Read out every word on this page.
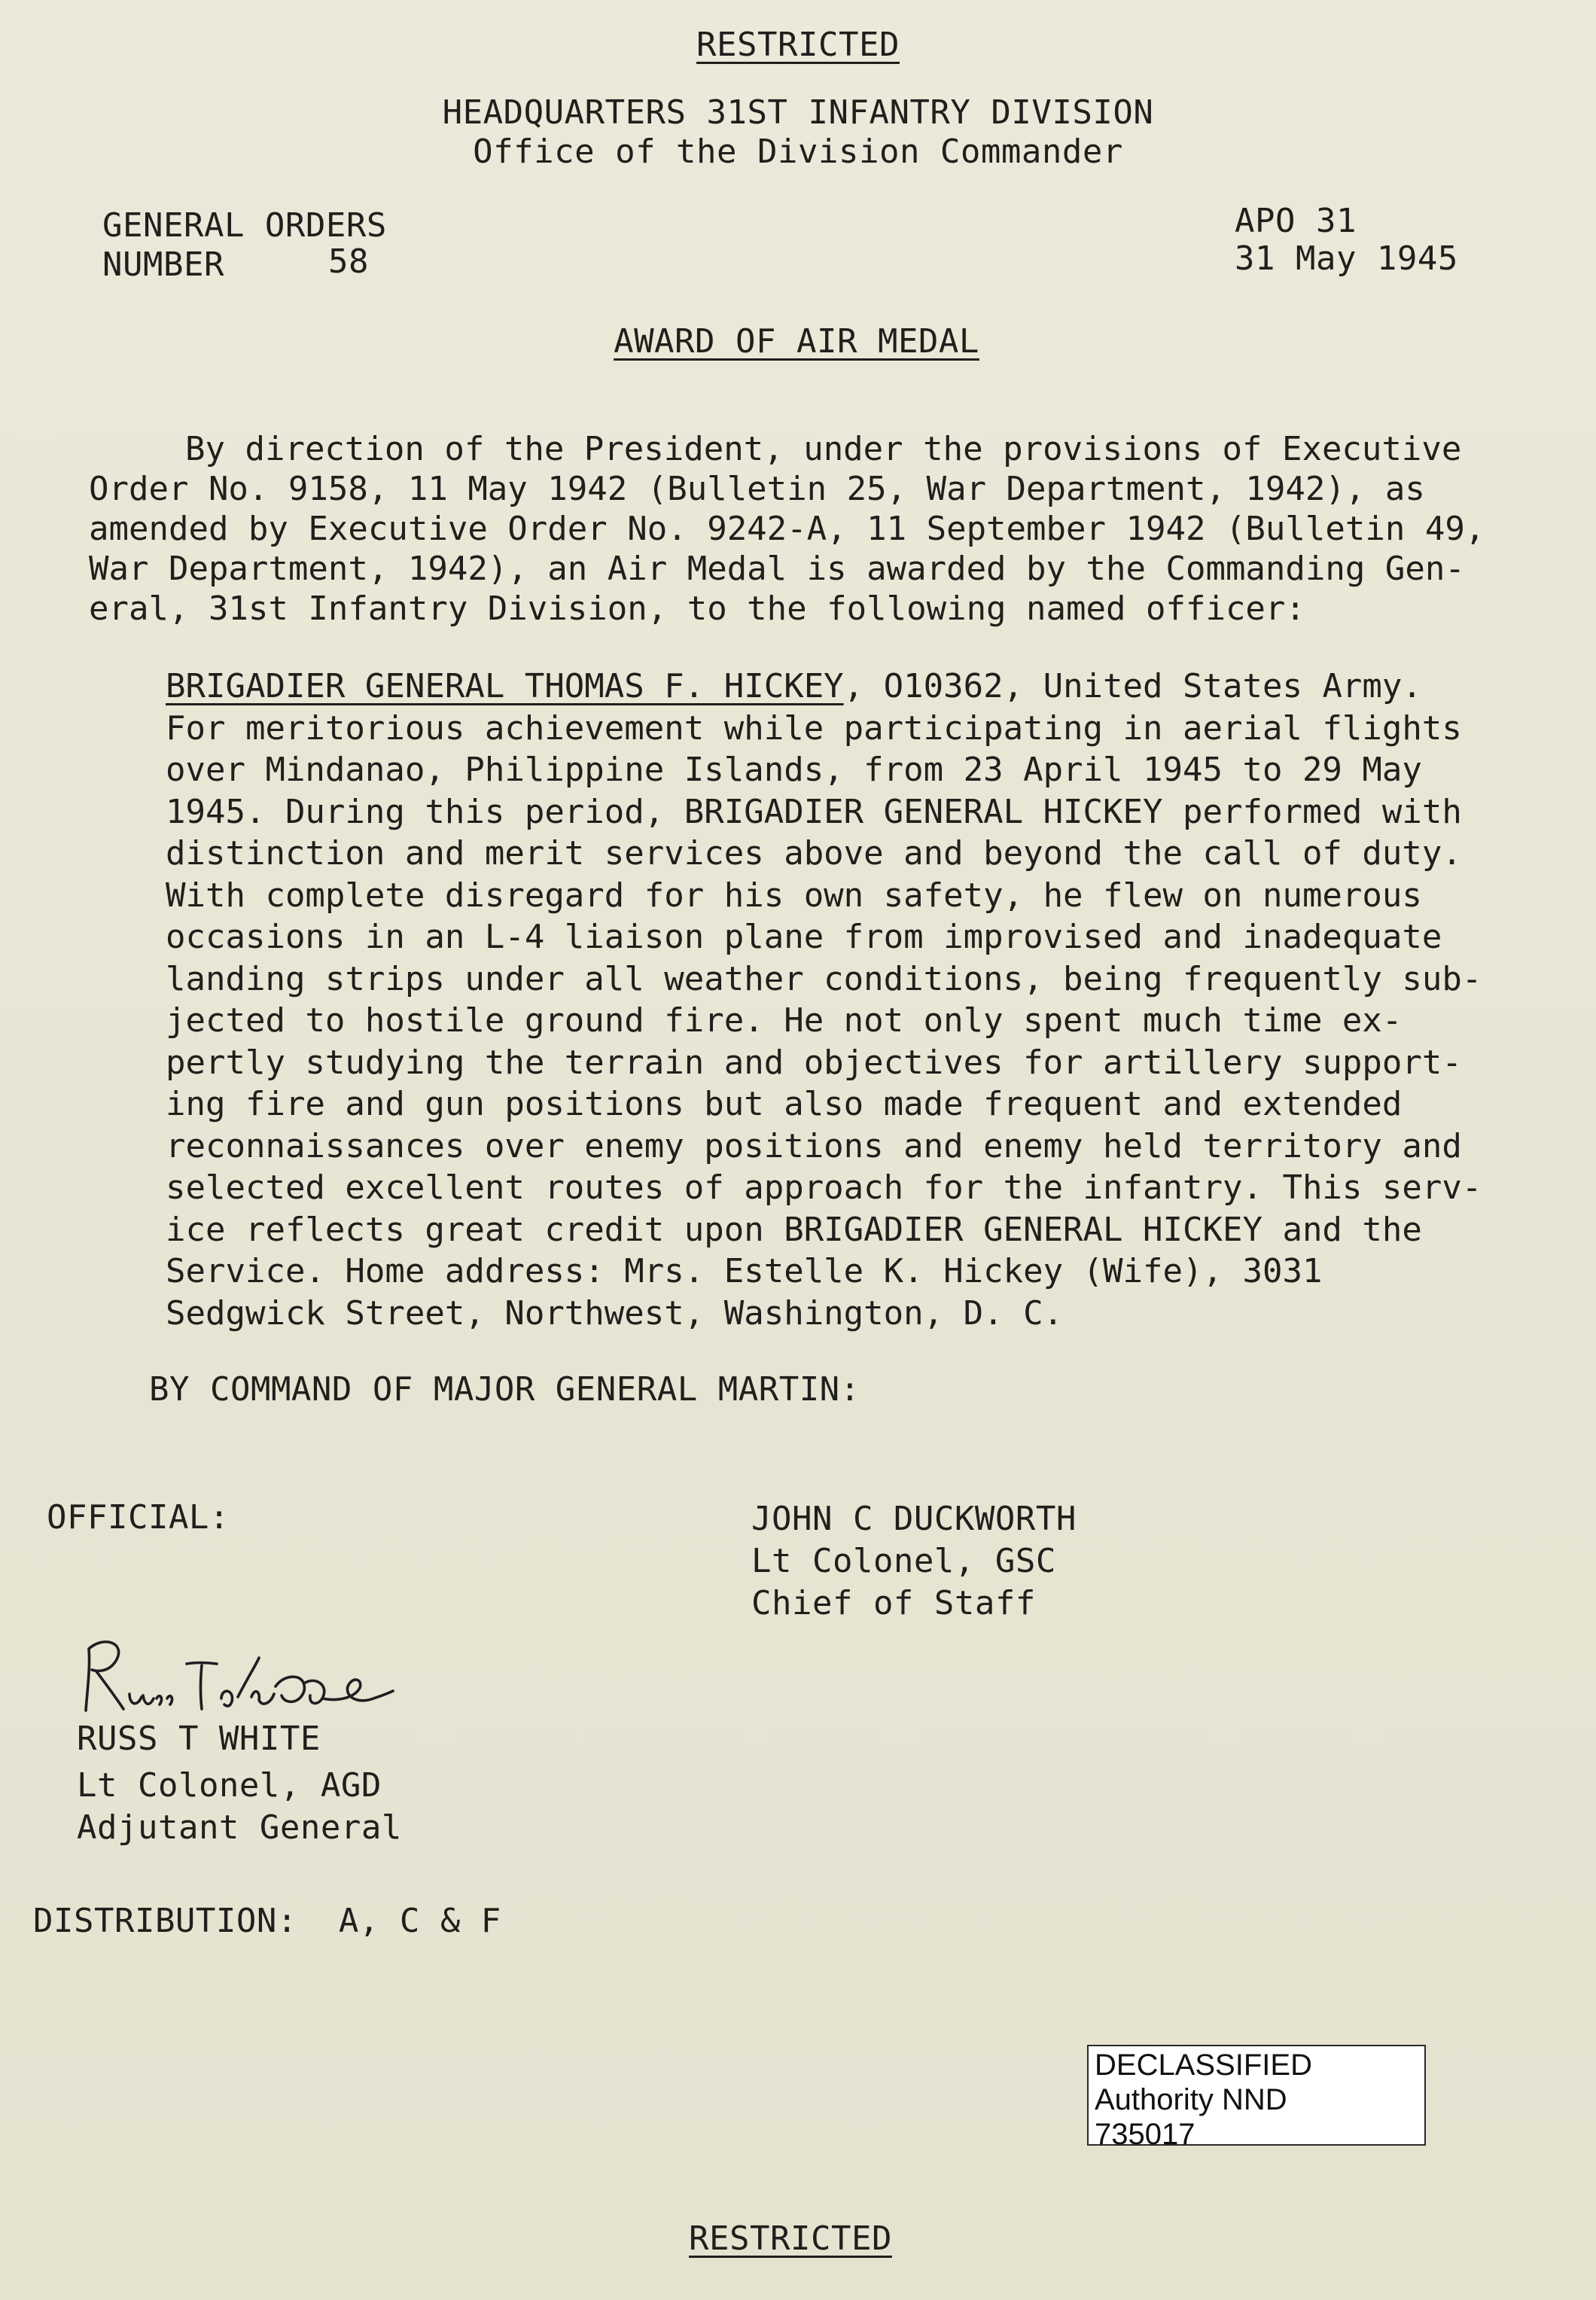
RESTRICTED
HEADQUARTERS 31ST INFANTRY DIVISION
Office of the Division Commander
GENERAL ORDERS
NUMBER	58
APO 31
31 May 1945
AWARD OF AIR MEDAL
By direction of the President, under the provisions of Executive
Order No. 9158, 11 May 1942 (Bulletin 25, War Department, 1942), as
amended by Executive Order No. 9242-A, 11 September 1942 (Bulletin 49,
War Department, 1942), an Air Medal is awarded by the Commanding Gen-
eral, 31st Infantry Division, to the following named officer:
BRIGADIER GENERAL THOMAS F. HICKEY, O10362, United States Army.
For meritorious achievement while participating in aerial flights
over Mindanao, Philippine Islands, from 23 April 1945 to 29 May
1945. During this period, BRIGADIER GENERAL HICKEY performed with
distinction and merit services above and beyond the call of duty.
With complete disregard for his own safety, he flew on numerous
occasions in an L-4 liaison plane from improvised and inadequate
landing strips under all weather conditions, being frequently sub-
jected to hostile ground fire. He not only spent much time ex-
pertly studying the terrain and objectives for artillery support-
ing fire and gun positions but also made frequent and extended
reconnaissances over enemy positions and enemy held territory and
selected excellent routes of approach for the infantry. This serv-
ice reflects great credit upon BRIGADIER GENERAL HICKEY and the
Service. Home address: Mrs. Estelle K. Hickey (Wife), 3031
Sedgwick Street, Northwest, Washington, D. C.
BY COMMAND OF MAJOR GENERAL MARTIN:
OFFICIAL:	JOHN C DUCKWORTH
Lt Colonel, GSC
Chief of Staff
RUSS T WHITE
Lt Colonel, AGD
Adjutant General
DISTRIBUTION: A, C & F
DECLASSIFIED
Authority NND
735017
RESTRICTED
